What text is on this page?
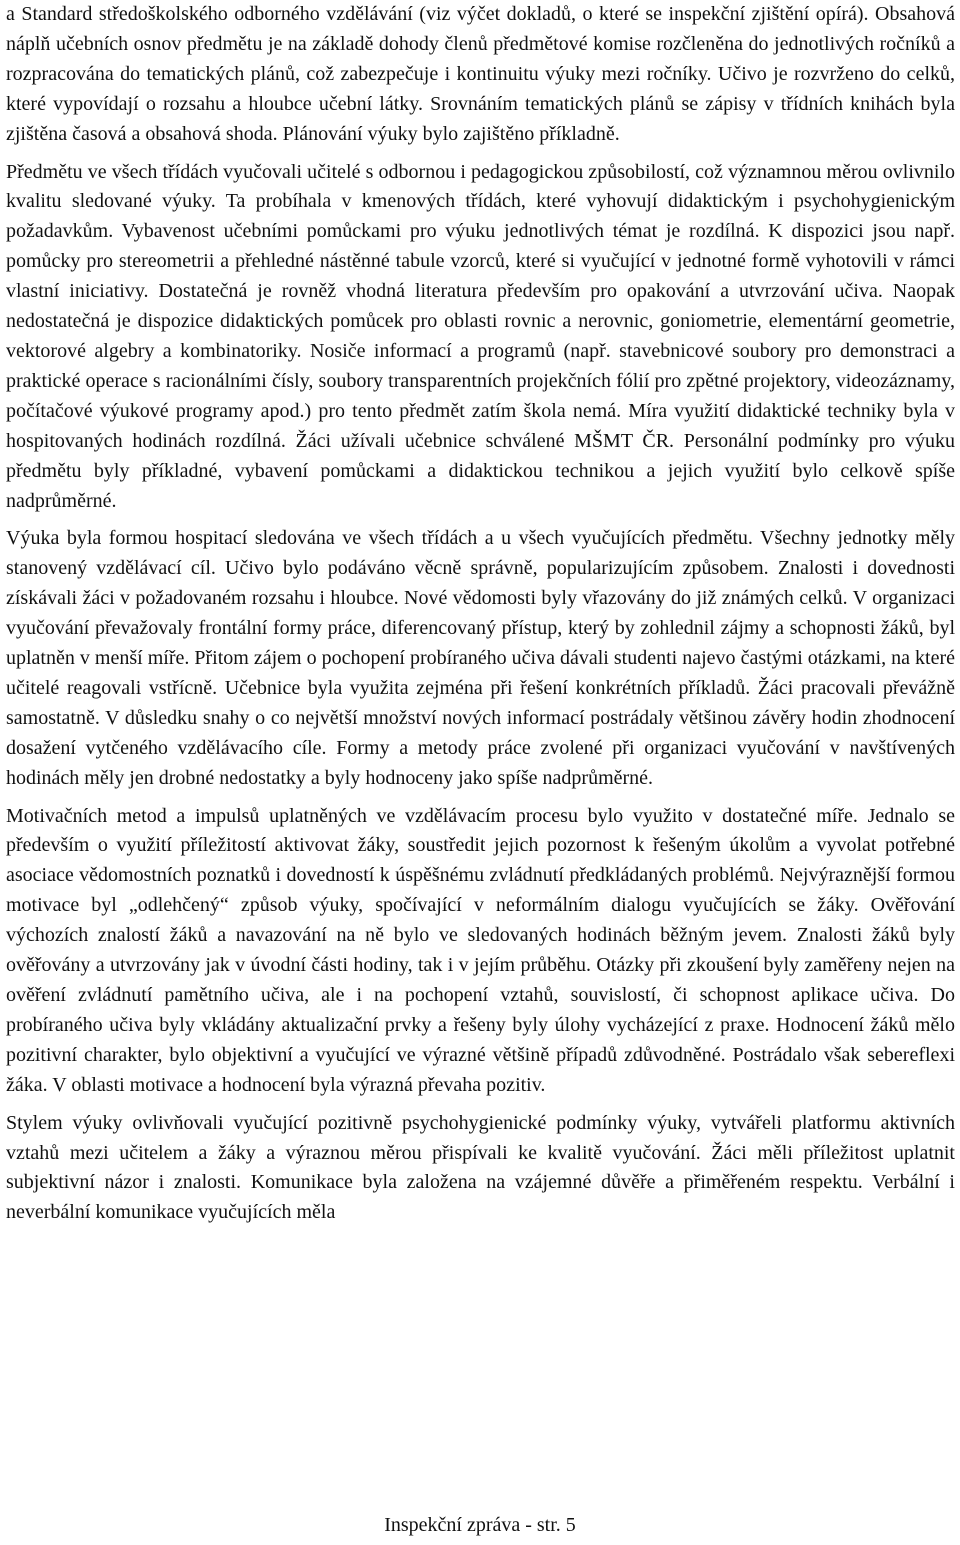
a Standard středoškolského odborného vzdělávání (viz výčet dokladů, o které se inspekční zjištění opírá). Obsahová náplň učebních osnov předmětu je na základě dohody členů předmětové komise rozčleněna do jednotlivých ročníků a rozpracována do tematických plánů, což zabezpečuje i kontinuitu výuky mezi ročníky. Učivo je rozvrženo do celků, které vypovídají o rozsahu a hloubce učební látky. Srovnáním tematických plánů se zápisy v třídních knihách byla zjištěna časová a obsahová shoda. Plánování výuky bylo zajištěno příkladně.

Předmětu ve všech třídách vyučovali učitelé s odbornou i pedagogickou způsobilostí, což významnou měrou ovlivnilo kvalitu sledované výuky. Ta probíhala v kmenových třídách, které vyhovují didaktickým i psychohygienickým požadavkům. Vybavenost učebními pomůckami pro výuku jednotlivých témat je rozdílná. K dispozici jsou např. pomůcky pro stereometrii a přehledné nástěnné tabule vzorců, které si vyučující v jednotné formě vyhotovili v rámci vlastní iniciativy. Dostatečná je rovněž vhodná literatura především pro opakování a utvrzování učiva. Naopak nedostatečná je dispozice didaktických pomůcek pro oblasti rovnic a nerovnic, goniometrie, elementární geometrie, vektorové algebry a kombinatoriky. Nosiče informací a programů (např. stavebnicové soubory pro demonstraci a praktické operace s racionálními čísly, soubory transparentních projekčních fólií pro zpětné projektory, videozáznamy, počítačové výukové programy apod.) pro tento předmět zatím škola nemá. Míra využití didaktické techniky byla v hospitovaných hodinách rozdílná. Žáci užívali učebnice schválené MŠMT ČR. Personální podmínky pro výuku předmětu byly příkladné, vybavení pomůckami a didaktickou technikou a jejich využití bylo celkově spíše nadprůměrné.

Výuka byla formou hospitací sledována ve všech třídách a u všech vyučujících předmětu. Všechny jednotky měly stanovený vzdělávací cíl. Učivo bylo podáváno věcně správně, popularizujícím způsobem. Znalosti i dovednosti získávali žáci v požadovaném rozsahu i hloubce. Nové vědomosti byly vřazovány do již známých celků. V organizaci vyučování převažovaly frontální formy práce, diferencovaný přístup, který by zohlednil zájmy a schopnosti žáků, byl uplatněn v menší míře. Přitom zájem o pochopení probíraného učiva dávali studenti najevo častými otázkami, na které učitelé reagovali vstřícně. Učebnice byla využita zejména při řešení konkrétních příkladů. Žáci pracovali převážně samostatně. V důsledku snahy o co největší množství nových informací postrádaly většinou závěry hodin zhodnocení dosažení vytčeného vzdělávacího cíle. Formy a metody práce zvolené při organizaci vyučování v navštívených hodinách měly jen drobné nedostatky a byly hodnoceny jako spíše nadprůměrné.

Motivačních metod a impulsů uplatněných ve vzdělávacím procesu bylo využito v dostatečné míře. Jednalo se především o využití příležitostí aktivovat žáky, soustředit jejich pozornost k řešeným úkolům a vyvolat potřebné asociace vědomostních poznatků i dovedností k úspěšnému zvládnutí předkládaných problémů. Nejvýraznější formou motivace byl „odlehčený“ způsob výuky, spočívající v neformálním dialogu vyučujících se žáky. Ověřování výchozích znalostí žáků a navazování na ně bylo ve sledovaných hodinách běžným jevem. Znalosti žáků byly ověřovány a utvrzovány jak v úvodní části hodiny, tak i v jejím průběhu. Otázky při zkoušení byly zaměřeny nejen na ověření zvládnutí pamětního učiva, ale i na pochopení vztahů, souvislostí, či schopnost aplikace učiva. Do probíraného učiva byly vkládány aktualizační prvky a řešeny byly úlohy vycházející z praxe. Hodnocení žáků mělo pozitivní charakter, bylo objektivní a vyučující ve výrazné většině případů zdůvodněné. Postrádalo však sebereflexi žáka. V oblasti motivace a hodnocení byla výrazná převaha pozitiv.

Stylem výuky ovlivňovali vyučující pozitivně psychohygienické podmínky výuky, vytvářeli platformu aktivních vztahů mezi učitelem a žáky a výraznou měrou přispívali ke kvalitě vyučování. Žáci měli příležitost uplatnit subjektivní názor i znalosti. Komunikace byla založena na vzájemné důvěře a přiměřeném respektu. Verbální i neverbální komunikace vyučujících měla

Inspekční zpráva - str. 5
